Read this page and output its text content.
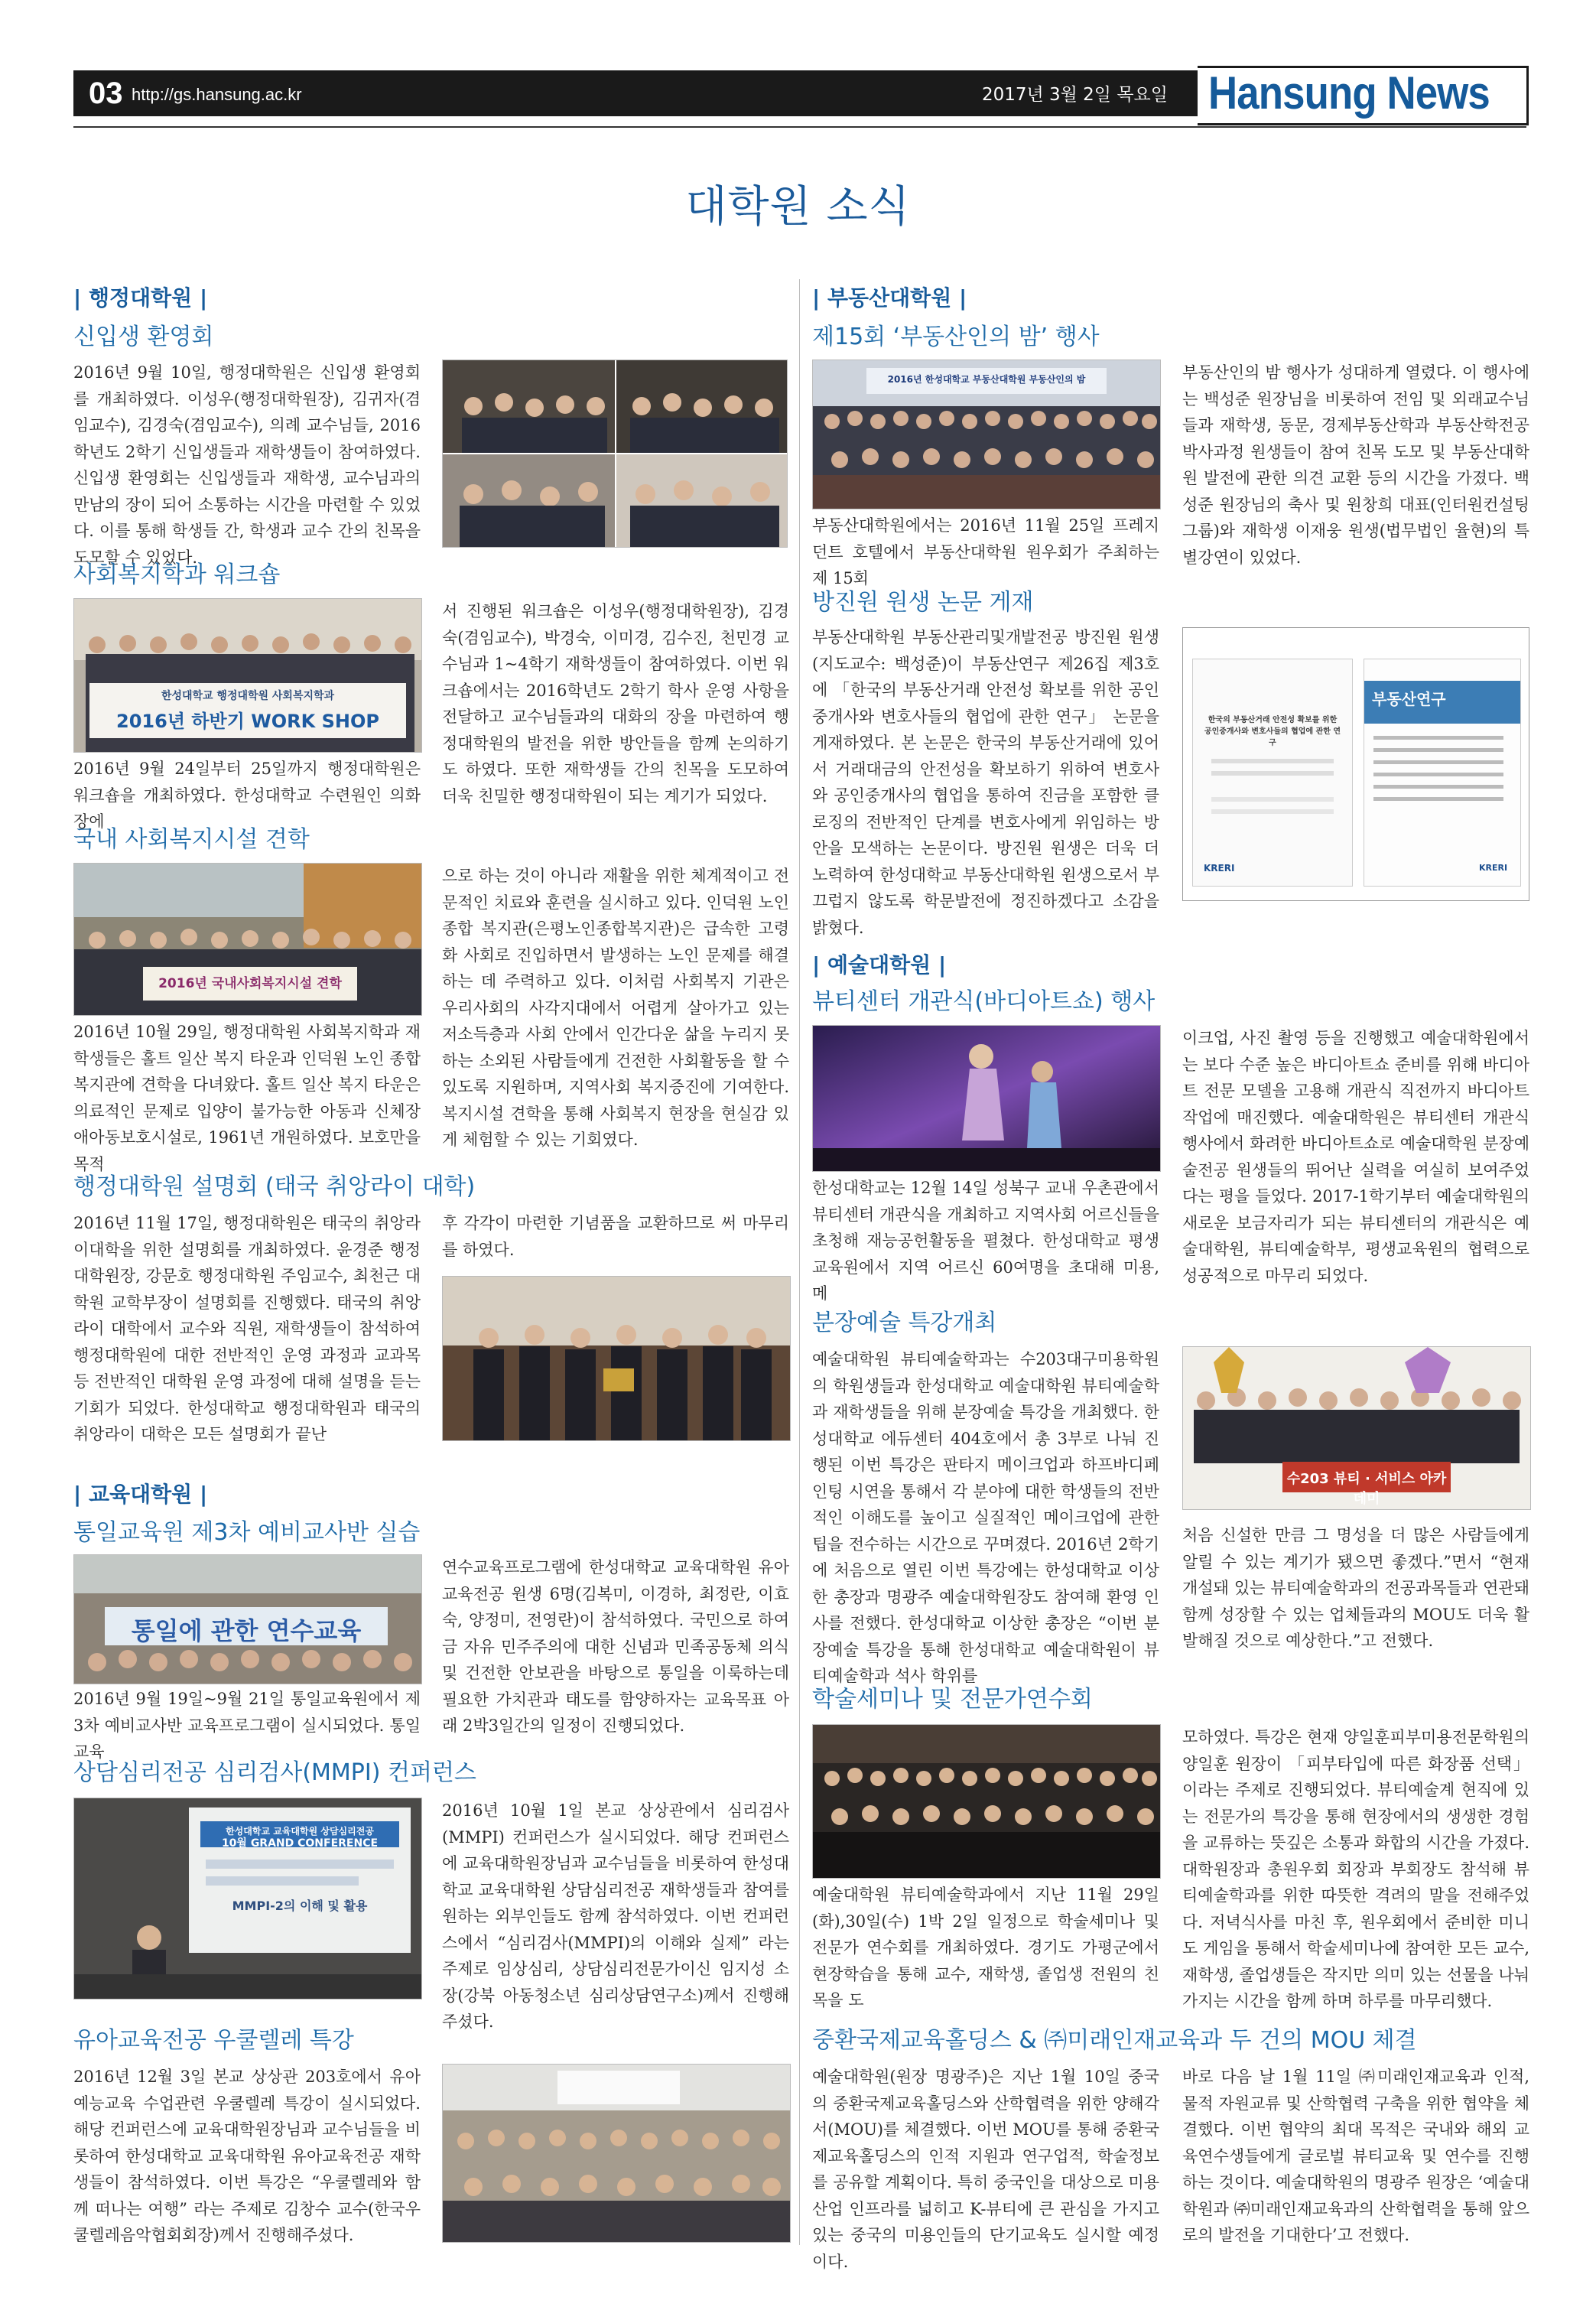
03 http://gs.hansung.ac.kr	2017년 3월 2일 목요일 Hansung News
대학원 소식
| 행정대학원 |
신입생 환영회
2016년 9월 10일, 행정대학원은 신입생 환영회를 개최하였다. 이성우(행정대학원장), 김귀자(겸임교수), 김경숙(겸임교수), 의례 교수님들, 2016학년도 2학기 신입생들과 재학생들이 참여하였다. 신입생 환영회는 신입생들과 재학생, 교수님과의 만남의 장이 되어 소통하는 시간을 마련할 수 있었다. 이를 통해 학생들 간, 학생과 교수 간의 친목을 도모할 수 있었다.
사회복지학과 워크숍
한성대학교 행정대학원 사회복지학과
2016년 하반기 WORK SHOP
2016년 9월 24일부터 25일까지 행정대학원은 워크숍을 개최하였다. 한성대학교 수련원인 의화장에
서 진행된 워크숍은 이성우(행정대학원장), 김경숙(겸임교수), 박경숙, 이미경, 김수진, 천민경 교수님과 1~4학기 재학생들이 참여하였다. 이번 워크숍에서는 2016학년도 2학기 학사 운영 사항을 전달하고 교수님들과의 대화의 장을 마련하여 행정대학원의 발전을 위한 방안들을 함께 논의하기도 하였다. 또한 재학생들 간의 친목을 도모하여 더욱 친밀한 행정대학원이 되는 계기가 되었다.
국내 사회복지시설 견학
2016년 국내사회복지시설 견학
2016년 10월 29일, 행정대학원 사회복지학과 재학생들은 홀트 일산 복지 타운과 인덕원 노인 종합 복지관에 견학을 다녀왔다. 홀트 일산 복지 타운은 의료적인 문제로 입양이 불가능한 아동과 신체장애아동보호시설로, 1961년 개원하였다. 보호만을 목적
으로 하는 것이 아니라 재활을 위한 체계적이고 전문적인 치료와 훈련을 실시하고 있다. 인덕원 노인종합 복지관(은평노인종합복지관)은 급속한 고령화 사회로 진입하면서 발생하는 노인 문제를 해결하는 데 주력하고 있다. 이처럼 사회복지 기관은 우리사회의 사각지대에서 어렵게 살아가고 있는 저소득층과 사회 안에서 인간다운 삶을 누리지 못하는 소외된 사람들에게 건전한 사회활동을 할 수 있도록 지원하며, 지역사회 복지증진에 기여한다. 복지시설 견학을 통해 사회복지 현장을 현실감 있게 체험할 수 있는 기회였다.
행정대학원 설명회 (태국 취앙라이 대학)
2016년 11월 17일, 행정대학원은 태국의 취앙라이대학을 위한 설명회를 개최하였다. 윤경준 행정대학원장, 강문호 행정대학원 주임교수, 최천근 대학원 교학부장이 설명회를 진행했다. 태국의 취앙라이 대학에서 교수와 직원, 재학생들이 참석하여 행정대학원에 대한 전반적인 운영 과정과 교과목 등 전반적인 대학원 운영 과정에 대해 설명을 듣는 기회가 되었다. 한성대학교 행정대학원과 태국의 취앙라이 대학은 모든 설명회가 끝난
후 각각이 마련한 기념품을 교환하므로 써 마무리를 하였다.
| 교육대학원 |
통일교육원 제3차 예비교사반 실습
통일에 관한 연수교육
2016년 9월 19일~9월 21일 통일교육원에서 제3차 예비교사반 교육프로그램이 실시되었다. 통일교육
연수교육프로그램에 한성대학교 교육대학원 유아교육전공 원생 6명(김복미, 이경하, 최정란, 이효숙, 양정미, 전영란)이 참석하였다. 국민으로 하여금 자유 민주주의에 대한 신념과 민족공동체 의식 및 건전한 안보관을 바탕으로 통일을 이룩하는데 필요한 가치관과 태도를 함양하자는 교육목표 아래 2박3일간의 일정이 진행되었다.
상담심리전공 심리검사(MMPI) 컨퍼런스
한성대학교 교육대학원 상담심리전공
10월 GRAND CONFERENCE
MMPI-2의 이해 및 활용
2016년 10월 1일 본교 상상관에서 심리검사(MMPI) 컨퍼런스가 실시되었다. 해당 컨퍼런스에 교육대학원장님과 교수님들을 비롯하여 한성대학교 교육대학원 상담심리전공 재학생들과 참여를 원하는 외부인들도 함께 참석하였다. 이번 컨퍼런스에서 “심리검사(MMPI)의 이해와 실제” 라는 주제로 임상심리, 상담심리전문가이신 임지성 소장(강북 아동청소년 심리상담연구소)께서 진행해주셨다.
유아교육전공 우쿨렐레 특강
2016년 12월 3일 본교 상상관 203호에서 유아예능교육 수업관련 우쿨렐레 특강이 실시되었다. 해당 컨퍼런스에 교육대학원장님과 교수님들을 비롯하여 한성대학교 교육대학원 유아교육전공 재학생들이 참석하였다. 이번 특강은 “우쿨렐레와 함께 떠나는 여행” 라는 주제로 김창수 교수(한국우쿨렐레음악협회회장)께서 진행해주셨다.
| 부동산대학원 |
제15회 ‘부동산인의 밤’ 행사
2016년 한성대학교 부동산대학원 부동산인의 밤
부동산대학원에서는 2016년 11월 25일 프레지던트 호텔에서 부동산대학원 원우회가 주최하는 제 15회
부동산인의 밤 행사가 성대하게 열렸다. 이 행사에는 백성준 원장님을 비롯하여 전임 및 외래교수님들과 재학생, 동문, 경제부동산학과 부동산학전공 박사과정 원생들이 참여 친목 도모 및 부동산대학원 발전에 관한 의견 교환 등의 시간을 가졌다. 백성준 원장님의 축사 및 원창희 대표(인터원컨설팅 그룹)와 재학생 이재웅 원생(법무법인 율현)의 특별강연이 있었다.
방진원 원생 논문 게재
부동산대학원 부동산관리및개발전공 방진원 원생(지도교수: 백성준)이 부동산연구 제26집 제3호에 「한국의 부동산거래 안전성 확보를 위한 공인중개사와 변호사들의 협업에 관한 연구」 논문을 게재하였다. 본 논문은 한국의 부동산거래에 있어서 거래대금의 안전성을 확보하기 위하여 변호사와 공인중개사의 협업을 통하여 진금을 포함한 클로징의 전반적인 단계를 변호사에게 위임하는 방안을 모색하는 논문이다. 방진원 원생은 더욱 더 노력하여 한성대학교 부동산대학원 원생으로서 부끄럽지 않도록 학문발전에 정진하겠다고 소감을 밝혔다.
한국의 부동산거래 안전성 확보를 위한 공인중개사와 변호사들의 협업에 관한 연구
KRERI
부동산연구
KRERI
| 예술대학원 |
뷰티센터 개관식(바디아트쇼) 행사
한성대학교는 12월 14일 성북구 교내 우촌관에서 뷰티센터 개관식을 개최하고 지역사회 어르신들을 초청해 재능공헌활동을 펼쳤다. 한성대학교 평생교육원에서 지역 어르신 60여명을 초대해 미용, 메
이크업, 사진 촬영 등을 진행했고 예술대학원에서는 보다 수준 높은 바디아트쇼 준비를 위해 바디아트 전문 모델을 고용해 개관식 직전까지 바디아트 작업에 매진했다. 예술대학원은 뷰티센터 개관식 행사에서 화려한 바디아트쇼로 예술대학원 분장예술전공 원생들의 뛰어난 실력을 여실히 보여주었다는 평을 들었다. 2017-1학기부터 예술대학원의 새로운 보금자리가 되는 뷰티센터의 개관식은 예술대학원, 뷰티예술학부, 평생교육원의 협력으로 성공적으로 마무리 되었다.
분장예술 특강개최
예술대학원 뷰티예술학과는 수203대구미용학원의 학원생들과 한성대학교 예술대학원 뷰티예술학과 재학생들을 위해 분장예술 특강을 개최했다. 한성대학교 에듀센터 404호에서 총 3부로 나눠 진행된 이번 특강은 판타지 메이크업과 하프바디페인팅 시연을 통해서 각 분야에 대한 학생들의 전반적인 이해도를 높이고 실질적인 메이크업에 관한 팁을 전수하는 시간으로 꾸며졌다. 2016년 2학기에 처음으로 열린 이번 특강에는 한성대학교 이상한 총장과 명광주 예술대학원장도 참여해 환영 인사를 전했다. 한성대학교 이상한 총장은 “이번 분장예술 특강을 통해 한성대학교 예술대학원이 뷰티예술학과 석사 학위를
수203 뷰티 · 서비스 아카데미
처음 신설한 만큼 그 명성을 더 많은 사람들에게 알릴 수 있는 계기가 됐으면 좋겠다.”면서 “현재 개설돼 있는 뷰티예술학과의 전공과목들과 연관돼 함께 성장할 수 있는 업체들과의 MOU도 더욱 활발해질 것으로 예상한다.”고 전했다.
학술세미나 및 전문가연수회
예술대학원 뷰티예술학과에서 지난 11월 29일(화),30일(수) 1박 2일 일정으로 학술세미나 및 전문가 연수회를 개최하였다. 경기도 가평군에서 현장학습을 통해 교수, 재학생, 졸업생 전원의 친목을 도
모하였다. 특강은 현재 양일훈피부미용전문학원의 양일훈 원장이 「피부타입에 따른 화장품 선택」이라는 주제로 진행되었다. 뷰티예술계 현직에 있는 전문가의 특강을 통해 현장에서의 생생한 경험을 교류하는 뜻깊은 소통과 화합의 시간을 가졌다. 대학원장과 총원우회 회장과 부회장도 참석해 뷰티예술학과를 위한 따뜻한 격려의 말을 전해주었다. 저녁식사를 마친 후, 원우회에서 준비한 미니도 게임을 통해서 학술세미나에 참여한 모든 교수, 재학생, 졸업생들은 작지만 의미 있는 선물을 나눠가지는 시간을 함께 하며 하루를 마무리했다.
중환국제교육홀딩스 & ㈜미래인재교육과 두 건의 MOU 체결
예술대학원(원장 명광주)은 지난 1월 10일 중국의 중환국제교육홀딩스와 산학협력을 위한 양해각서(MOU)를 체결했다. 이번 MOU를 통해 중환국제교육홀딩스의 인적 지원과 연구업적, 학술정보를 공유할 계획이다. 특히 중국인을 대상으로 미용 산업 인프라를 넓히고 K-뷰티에 큰 관심을 가지고 있는 중국의 미용인들의 단기교육도 실시할 예정이다.
바로 다음 날 1월 11일 ㈜미래인재교육과 인적, 물적 자원교류 및 산학협력 구축을 위한 협약을 체결했다. 이번 협약의 최대 목적은 국내와 해외 교육연수생들에게 글로벌 뷰티교육 및 연수를 진행하는 것이다. 예술대학원의 명광주 원장은 ‘예술대학원과 ㈜미래인재교육과의 산학협력을 통해 앞으로의 발전을 기대한다’고 전했다.
